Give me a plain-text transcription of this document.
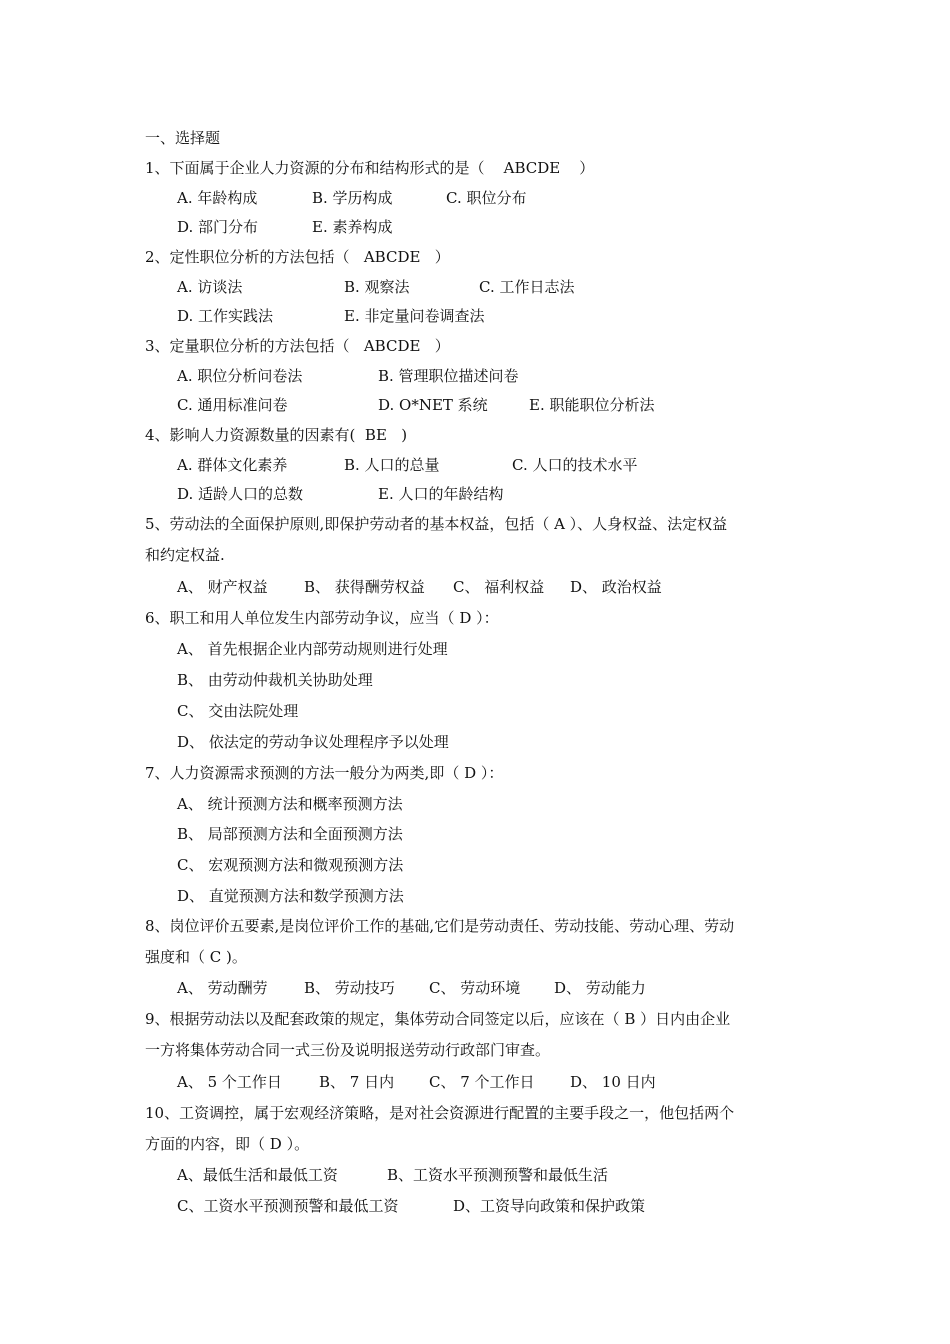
一、选择题
1、下面属于企业人力资源的分布和结构形式的是（    ABCDE    ）
A. 年龄构成	B. 学历构成	C. 职位分布
D. 部门分布	E. 素养构成
2、定性职位分析的方法包括（   ABCDE   ）
A. 访谈法	B. 观察法	C. 工作日志法
D. 工作实践法	E. 非定量问卷调查法
3、定量职位分析的方法包括（   ABCDE   ）
A. 职位分析问卷法	B. 管理职位描述问卷
C. 通用标准问卷	D. O*NET 系统	E. 职能职位分析法
4、影响人力资源数量的因素有(  BE   )
A. 群体文化素养	B. 人口的总量	C. 人口的技术水平
D. 适龄人口的总数	E. 人口的年龄结构
5、劳动法的全面保护原则,即保护劳动者的基本权益，包括（ A ）、人身权益、法定权益
和约定权益.
A、 财产权益 B、 获得酬劳权益 C、 福利权益 D、 政治权益
6、职工和用人单位发生内部劳动争议，应当（ D ）：
A、 首先根据企业内部劳动规则进行处理
B、 由劳动仲裁机关协助处理
C、 交由法院处理
D、 依法定的劳动争议处理程序予以处理
7、人力资源需求预测的方法一般分为两类,即（ D ）：
A、 统计预测方法和概率预测方法
B、 局部预测方法和全面预测方法
C、 宏观预测方法和微观预测方法
D、 直觉预测方法和数学预测方法
8、岗位评价五要素,是岗位评价工作的基础,它们是劳动责任、劳动技能、劳动心理、劳动
强度和（ C )。
A、 劳动酬劳 B、 劳动技巧 C、 劳动环境 D、 劳动能力
9、根据劳动法以及配套政策的规定，集体劳动合同签定以后，应该在（ B ）日内由企业
一方将集体劳动合同一式三份及说明报送劳动行政部门审查。
A、 5 个工作日 B、 7 日内 C、 7 个工作日 D、 10 日内
10、工资调控，属于宏观经济策略，是对社会资源进行配置的主要手段之一，他包括两个
方面的内容，即（ D ）。
A、最低生活和最低工资	B、工资水平预测预警和最低生活
C、工资水平预测预警和最低工资	D、工资导向政策和保护政策
